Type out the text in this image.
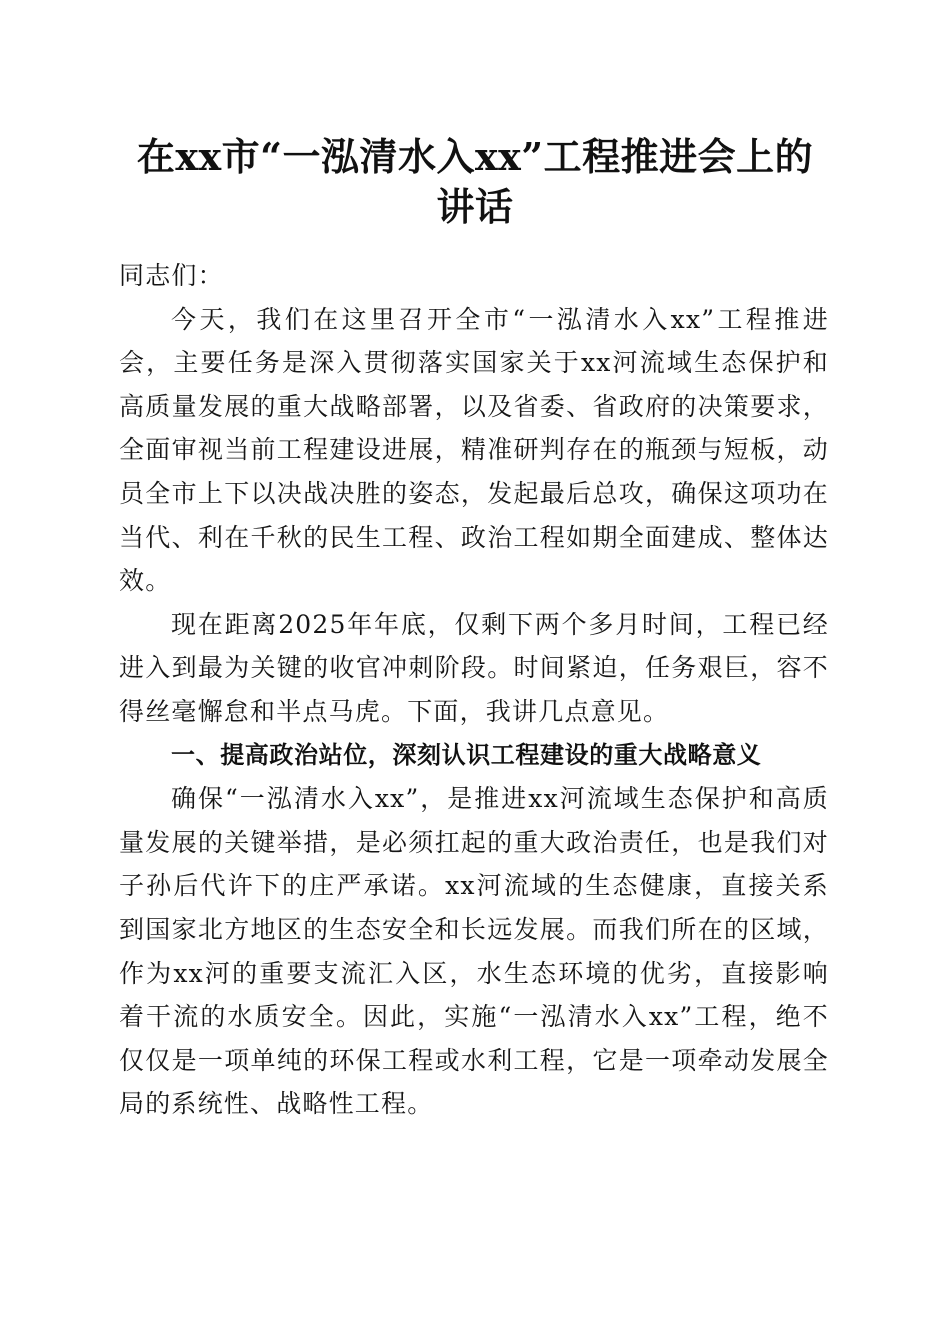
在xx市“一泓清水入xx”工程推进会上的讲话

同志们：

今天，我们在这里召开全市“一泓清水入xx”工程推进会，主要任务是深入贯彻落实国家关于xx河流域生态保护和高质量发展的重大战略部署，以及省委、省政府的决策要求，全面审视当前工程建设进展，精准研判存在的瓶颈与短板，动员全市上下以决战决胜的姿态，发起最后总攻，确保这项功在当代、利在千秋的民生工程、政治工程如期全面建成、整体达效。

现在距离2025年年底，仅剩下两个多月时间，工程已经进入到最为关键的收官冲刺阶段。时间紧迫，任务艰巨，容不得丝毫懈怠和半点马虎。下面，我讲几点意见。

一、提高政治站位，深刻认识工程建设的重大战略意义

确保“一泓清水入xx”，是推进xx河流域生态保护和高质量发展的关键举措，是必须扛起的重大政治责任，也是我们对子孙后代许下的庄严承诺。xx河流域的生态健康，直接关系到国家北方地区的生态安全和长远发展。而我们所在的区域，作为xx河的重要支流汇入区，水生态环境的优劣，直接影响着干流的水质安全。因此，实施“一泓清水入xx”工程，绝不仅仅是一项单纯的环保工程或水利工程，它是一项牵动发展全局的系统性、战略性工程。
